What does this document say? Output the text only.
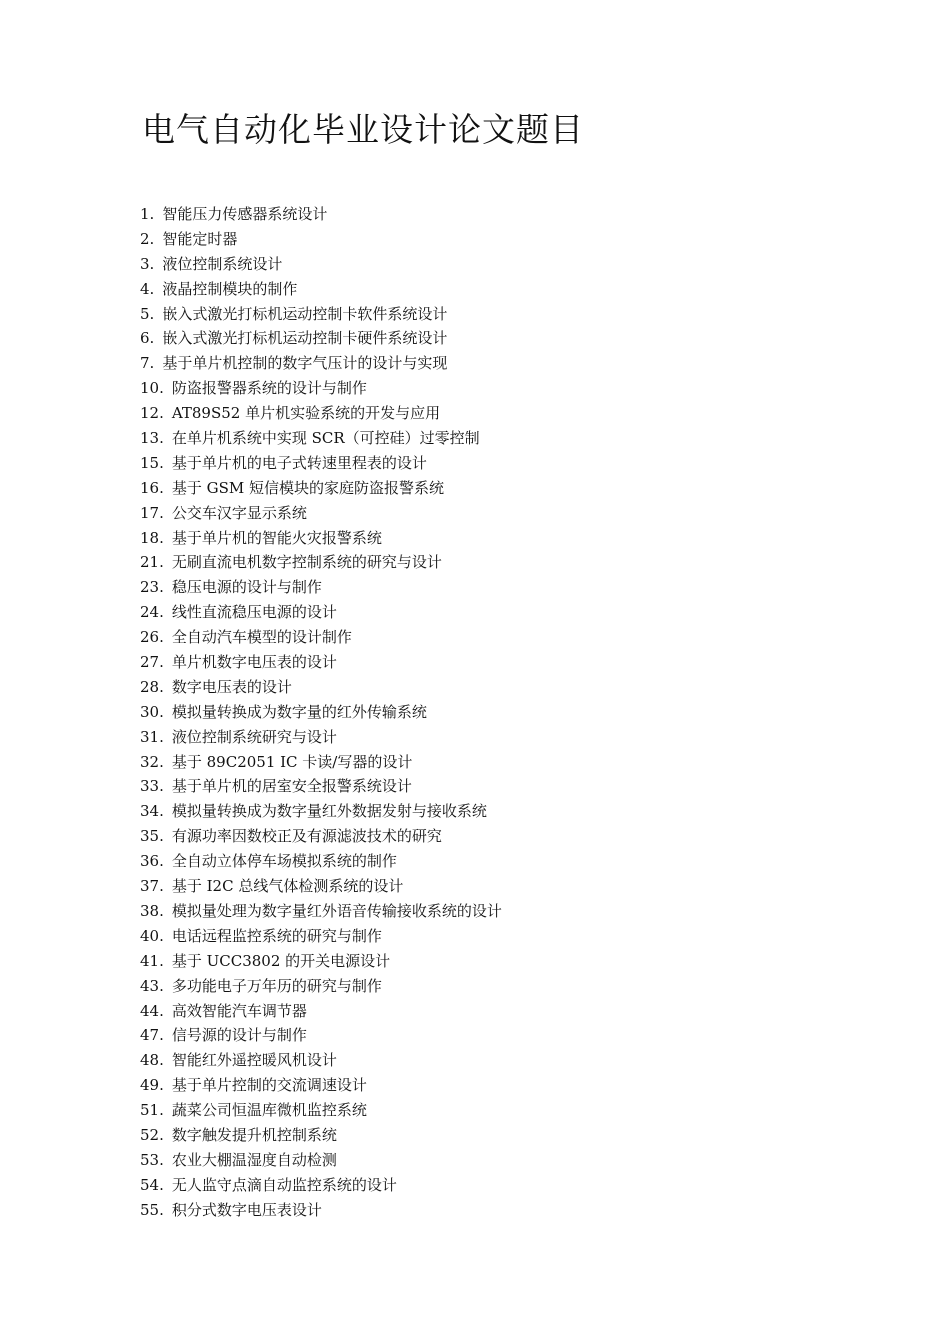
电气自动化毕业设计论文题目
1. 智能压力传感器系统设计
2. 智能定时器
3. 液位控制系统设计
4. 液晶控制模块的制作
5. 嵌入式激光打标机运动控制卡软件系统设计
6. 嵌入式激光打标机运动控制卡硬件系统设计
7. 基于单片机控制的数字气压计的设计与实现
10. 防盗报警器系统的设计与制作
12. AT89S52 单片机实验系统的开发与应用
13. 在单片机系统中实现 SCR（可控硅）过零控制
15. 基于单片机的电子式转速里程表的设计
16. 基于 GSM 短信模块的家庭防盗报警系统
17. 公交车汉字显示系统
18. 基于单片机的智能火灾报警系统
21. 无刷直流电机数字控制系统的研究与设计
23. 稳压电源的设计与制作
24. 线性直流稳压电源的设计
26. 全自动汽车模型的设计制作
27. 单片机数字电压表的设计
28. 数字电压表的设计
30. 模拟量转换成为数字量的红外传输系统
31. 液位控制系统研究与设计
32. 基于 89C2051 IC 卡读/写器的设计
33. 基于单片机的居室安全报警系统设计
34. 模拟量转换成为数字量红外数据发射与接收系统
35. 有源功率因数校正及有源滤波技术的研究
36. 全自动立体停车场模拟系统的制作
37. 基于 I2C 总线气体检测系统的设计
38. 模拟量处理为数字量红外语音传输接收系统的设计
40. 电话远程监控系统的研究与制作
41. 基于 UCC3802 的开关电源设计
43. 多功能电子万年历的研究与制作
44. 高效智能汽车调节器
47. 信号源的设计与制作
48. 智能红外遥控暖风机设计
49. 基于单片控制的交流调速设计
51. 蔬菜公司恒温库微机监控系统
52. 数字触发提升机控制系统
53. 农业大棚温湿度自动检测
54. 无人监守点滴自动监控系统的设计
55. 积分式数字电压表设计
